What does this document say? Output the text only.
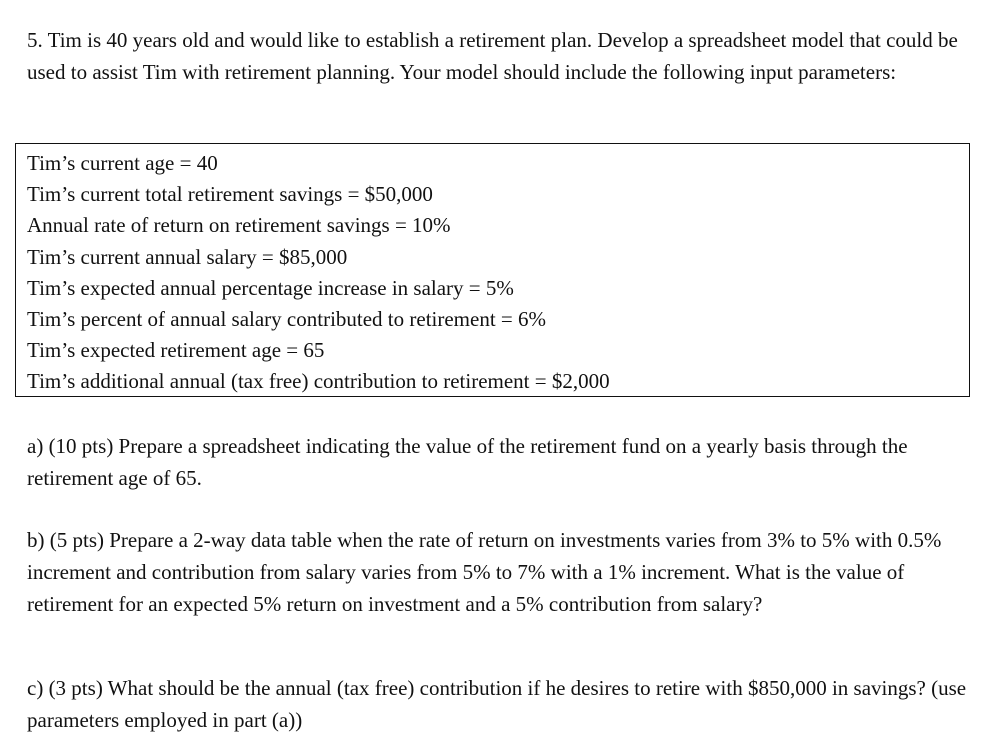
5. Tim is 40 years old and would like to establish a retirement plan. Develop a spreadsheet model that could be used to assist Tim with retirement planning. Your model should include the following input parameters:

Tim’s current age = 40
Tim’s current total retirement savings = $50,000
Annual rate of return on retirement savings = 10%
Tim’s current annual salary = $85,000
Tim’s expected annual percentage increase in salary = 5%
Tim’s percent of annual salary contributed to retirement = 6%
Tim’s expected retirement age = 65
Tim’s additional annual (tax free) contribution to retirement = $2,000

a) (10 pts) Prepare a spreadsheet indicating the value of the retirement fund on a yearly basis through the retirement age of 65.

b) (5 pts) Prepare a 2-way data table when the rate of return on investments varies from 3% to 5% with 0.5% increment and contribution from salary varies from 5% to 7% with a 1% increment. What is the value of retirement for an expected 5% return on investment and a 5% contribution from salary?

c) (3 pts) What should be the annual (tax free) contribution if he desires to retire with $850,000 in savings? (use parameters employed in part (a))
